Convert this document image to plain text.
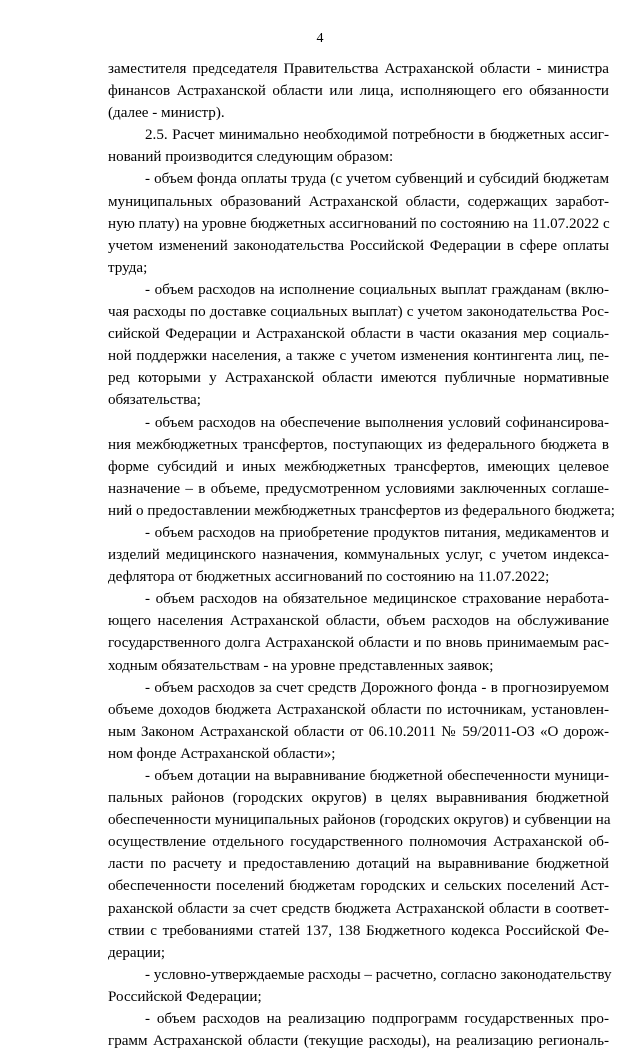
4
заместителя председателя Правительства Астраханской области - министра
финансов Астраханской области или лица, исполняющего его обязанности
(далее - министр).
2.5. Расчет минимально необходимой потребности в бюджетных ассиг-
нований производится следующим образом:
- объем фонда оплаты труда (с учетом субвенций и субсидий бюджетам
муниципальных образований Астраханской области, содержащих заработ-
ную плату) на уровне бюджетных ассигнований по состоянию на 11.07.2022 с
учетом изменений законодательства Российской Федерации в сфере оплаты
труда;
- объем расходов на исполнение социальных выплат гражданам (вклю-
чая расходы по доставке социальных выплат) с учетом законодательства Рос-
сийской Федерации и Астраханской области в части оказания мер социаль-
ной поддержки населения, а также с учетом изменения контингента лиц, пе-
ред которыми у Астраханской области имеются публичные нормативные
обязательства;
- объем расходов на обеспечение выполнения условий софинансирова-
ния межбюджетных трансфертов, поступающих из федерального бюджета в
форме субсидий и иных межбюджетных трансфертов, имеющих целевое
назначение – в объеме, предусмотренном условиями заключенных соглаше-
ний о предоставлении межбюджетных трансфертов из федерального бюджета;
- объем расходов на приобретение продуктов питания, медикаментов и
изделий медицинского назначения, коммунальных услуг, с учетом индекса-
дефлятора от бюджетных ассигнований по состоянию на 11.07.2022;
- объем расходов на обязательное медицинское страхование неработа-
ющего населения Астраханской области, объем расходов на обслуживание
государственного долга Астраханской области и по вновь принимаемым рас-
ходным обязательствам - на уровне представленных заявок;
- объем расходов за счет средств Дорожного фонда - в прогнозируемом
объеме доходов бюджета Астраханской области по источникам, установлен-
ным Законом Астраханской области от 06.10.2011 № 59/2011-ОЗ «О дорож-
ном фонде Астраханской области»;
- объем дотации на выравнивание бюджетной обеспеченности муници-
пальных районов (городских округов) в целях выравнивания бюджетной
обеспеченности муниципальных районов (городских округов) и субвенции на
осуществление отдельного государственного полномочия Астраханской об-
ласти по расчету и предоставлению дотаций на выравнивание бюджетной
обеспеченности поселений бюджетам городских и сельских поселений Аст-
раханской области за счет средств бюджета Астраханской области в соответ-
ствии с требованиями статей 137, 138 Бюджетного кодекса Российской Фе-
дерации;
- условно-утверждаемые расходы – расчетно, согласно законодательству
Российской Федерации;
- объем расходов на реализацию подпрограмм государственных про-
грамм Астраханской области (текущие расходы), на реализацию региональ-
